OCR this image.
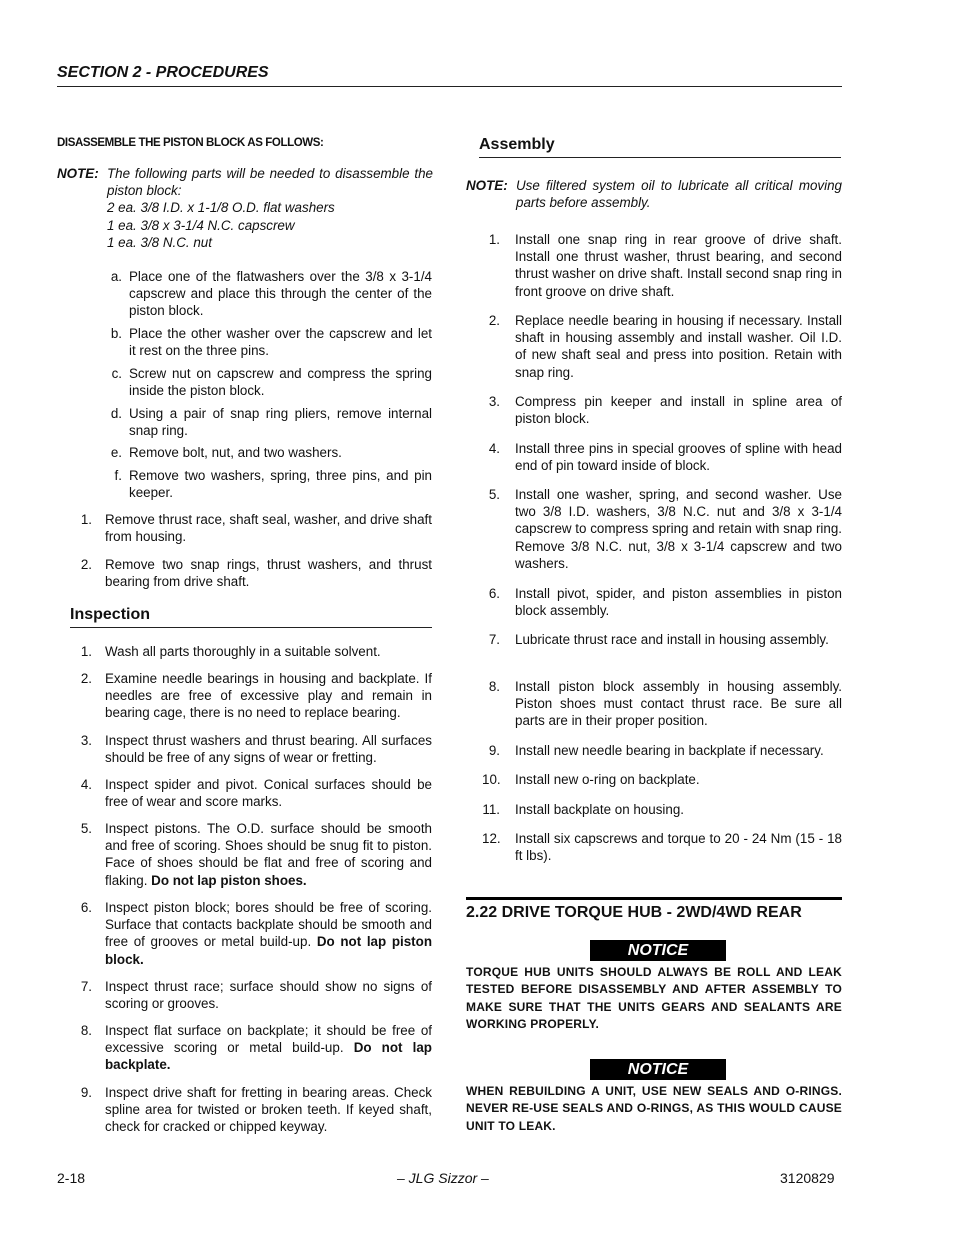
SECTION 2 - PROCEDURES
DISASSEMBLE THE PISTON BLOCK AS FOLLOWS:
NOTE: The following parts will be needed to disassemble the piston block:
2 ea. 3/8 I.D. x 1-1/8 O.D. flat washers
1 ea. 3/8 x 3-1/4 N.C. capscrew
1 ea. 3/8 N.C. nut
a. Place one of the flatwashers over the 3/8 x 3-1/4 capscrew and place this through the center of the piston block.
b. Place the other washer over the capscrew and let it rest on the three pins.
c. Screw nut on capscrew and compress the spring inside the piston block.
d. Using a pair of snap ring pliers, remove internal snap ring.
e. Remove bolt, nut, and two washers.
f. Remove two washers, spring, three pins, and pin keeper.
1. Remove thrust race, shaft seal, washer, and drive shaft from housing.
2. Remove two snap rings, thrust washers, and thrust bearing from drive shaft.
Inspection
1. Wash all parts thoroughly in a suitable solvent.
2. Examine needle bearings in housing and backplate. If needles are free of excessive play and remain in bearing cage, there is no need to replace bearing.
3. Inspect thrust washers and thrust bearing. All surfaces should be free of any signs of wear or fretting.
4. Inspect spider and pivot. Conical surfaces should be free of wear and score marks.
5. Inspect pistons. The O.D. surface should be smooth and free of scoring. Shoes should be snug fit to piston. Face of shoes should be flat and free of scoring and flaking. Do not lap piston shoes.
6. Inspect piston block; bores should be free of scoring. Surface that contacts backplate should be smooth and free of grooves or metal build-up. Do not lap piston block.
7. Inspect thrust race; surface should show no signs of scoring or grooves.
8. Inspect flat surface on backplate; it should be free of excessive scoring or metal build-up. Do not lap backplate.
9. Inspect drive shaft for fretting in bearing areas. Check spline area for twisted or broken teeth. If keyed shaft, check for cracked or chipped keyway.
Assembly
NOTE: Use filtered system oil to lubricate all critical moving parts before assembly.
1. Install one snap ring in rear groove of drive shaft. Install one thrust washer, thrust bearing, and second thrust washer on drive shaft. Install second snap ring in front groove on drive shaft.
2. Replace needle bearing in housing if necessary. Install shaft in housing assembly and install washer. Oil I.D. of new shaft seal and press into position. Retain with snap ring.
3. Compress pin keeper and install in spline area of piston block.
4. Install three pins in special grooves of spline with head end of pin toward inside of block.
5. Install one washer, spring, and second washer. Use two 3/8 I.D. washers, 3/8 N.C. nut and 3/8 x 3-1/4 capscrew to compress spring and retain with snap ring. Remove 3/8 N.C. nut, 3/8 x 3-1/4 capscrew and two washers.
6. Install pivot, spider, and piston assemblies in piston block assembly.
7. Lubricate thrust race and install in housing assembly.
8. Install piston block assembly in housing assembly. Piston shoes must contact thrust race. Be sure all parts are in their proper position.
9. Install new needle bearing in backplate if necessary.
10. Install new o-ring on backplate.
11. Install backplate on housing.
12. Install six capscrews and torque to 20 - 24 Nm (15 - 18 ft lbs).
2.22 DRIVE TORQUE HUB - 2WD/4WD REAR
NOTICE
TORQUE HUB UNITS SHOULD ALWAYS BE ROLL AND LEAK TESTED BEFORE DISASSEMBLY AND AFTER ASSEMBLY TO MAKE SURE THAT THE UNITS GEARS AND SEALANTS ARE WORKING PROPERLY.
NOTICE
WHEN REBUILDING A UNIT, USE NEW SEALS AND O-RINGS. NEVER RE-USE SEALS AND O-RINGS, AS THIS WOULD CAUSE UNIT TO LEAK.
2-18	– JLG Sizzor –	3120829
